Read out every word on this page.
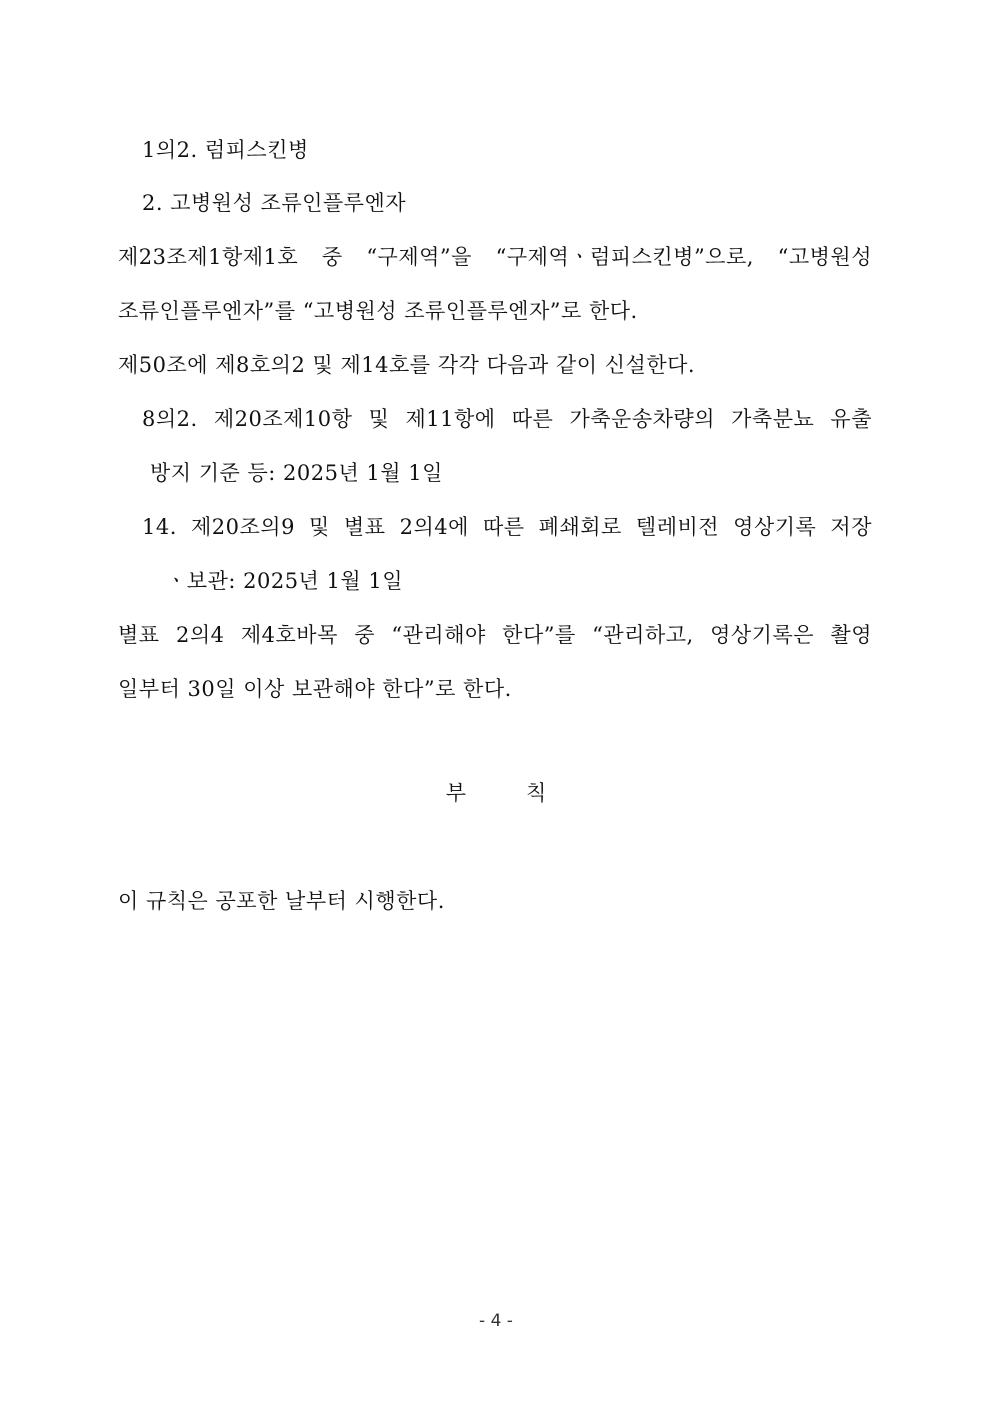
1의2. 럼피스킨병
2. 고병원성 조류인플루엔자
제23조제1항제1호 중 “구제역”을 “구제역ㆍ럼피스킨병”으로, “고병원성
조류인플루엔자”를 “고병원성 조류인플루엔자”로 한다.
제50조에 제8호의2 및 제14호를 각각 다음과 같이 신설한다.
8의2. 제20조제10항 및 제11항에 따른 가축운송차량의 가축분뇨 유출
방지 기준 등: 2025년 1월 1일
14. 제20조의9 및 별표 2의4에 따른 폐쇄회로 텔레비전 영상기록 저장
ㆍ보관: 2025년 1월 1일
별표 2의4 제4호바목 중 “관리해야 한다”를 “관리하고, 영상기록은 촬영
일부터 30일 이상 보관해야 한다”로 한다.
부칙
이 규칙은 공포한 날부터 시행한다.
- 4 -
